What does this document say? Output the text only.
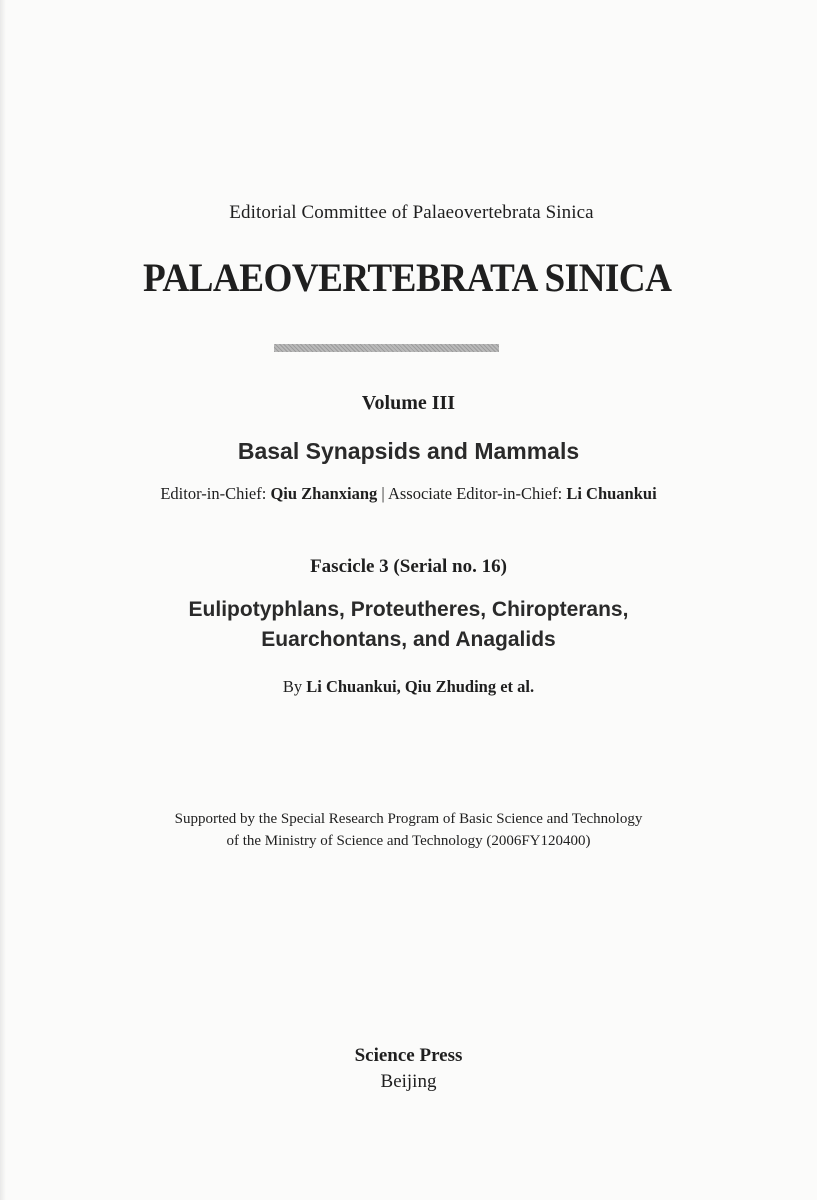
Editorial Committee of Palaeovertebrata Sinica
PALAEOVERTEBRATA SINICA
Volume III
Basal Synapsids and Mammals
Editor-in-Chief: Qiu Zhanxiang | Associate Editor-in-Chief: Li Chuankui
Fascicle 3 (Serial no. 16)
Eulipotyphlans, Proteutheres, Chiropterans,
Euarchontans, and Anagalids
By Li Chuankui, Qiu Zhuding et al.
Supported by the Special Research Program of Basic Science and Technology
of the Ministry of Science and Technology (2006FY120400)
Science Press
Beijing
